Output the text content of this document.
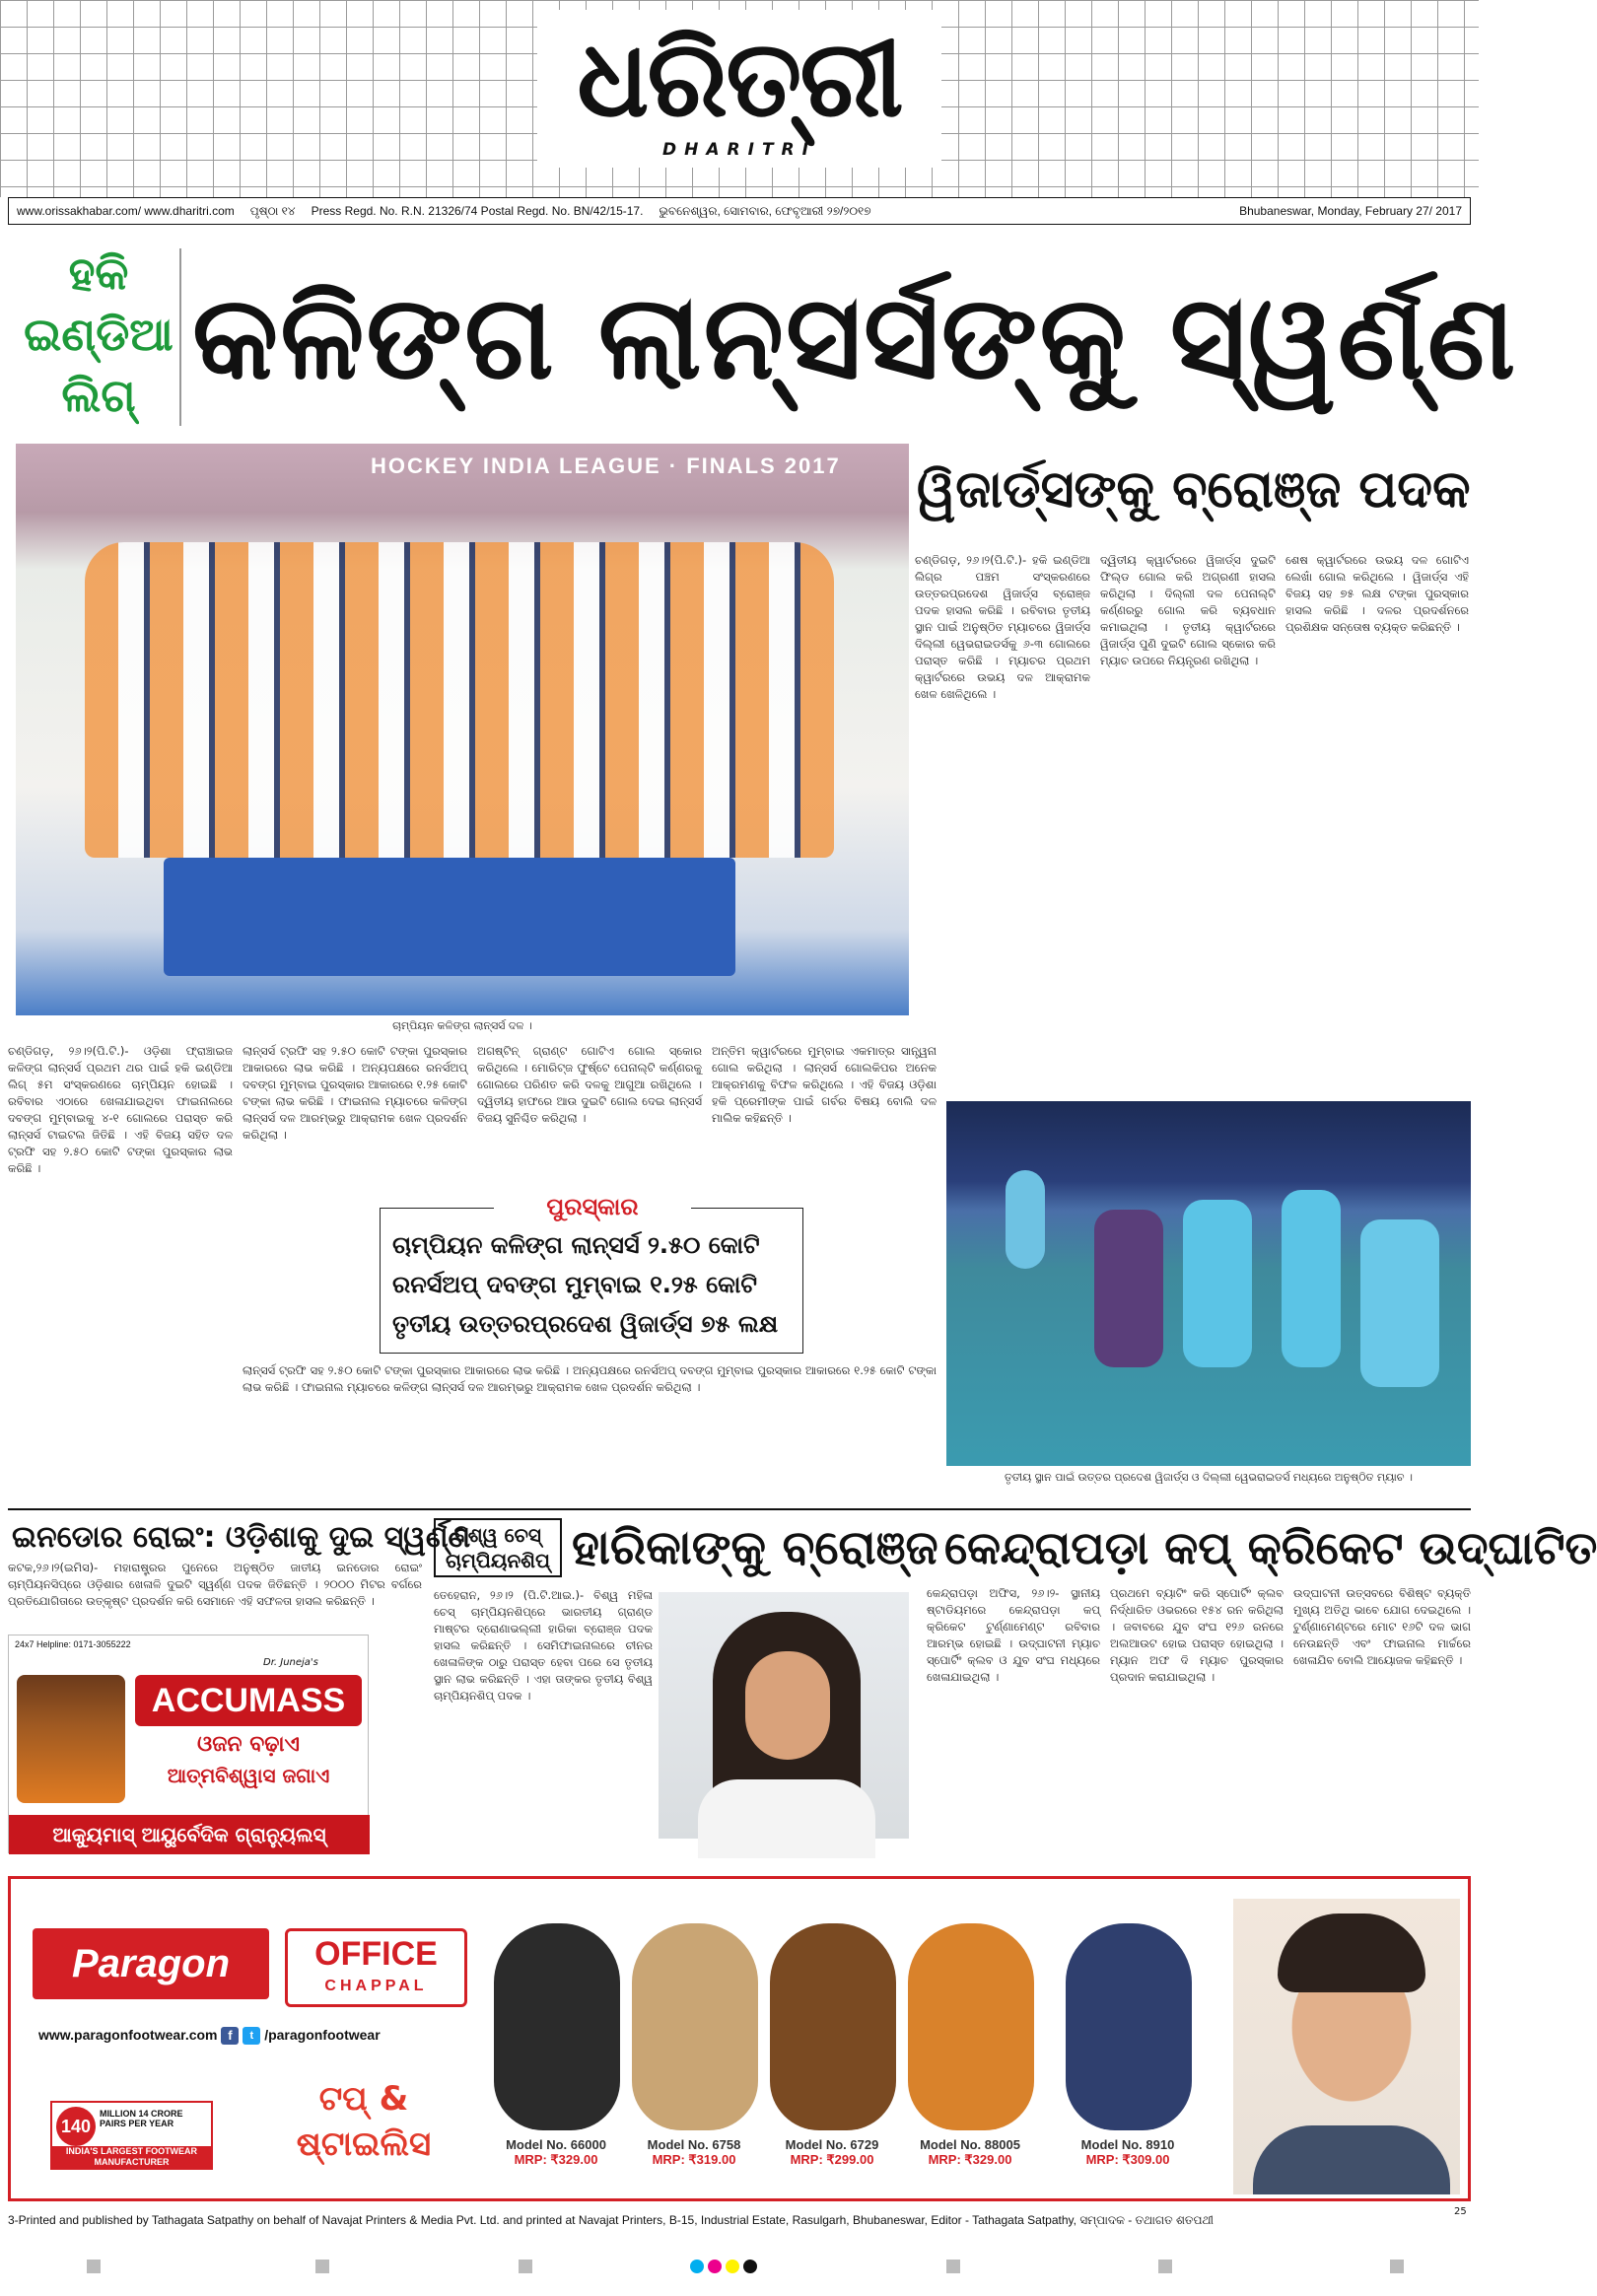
ଧରିତ୍ରୀ
DHARITRI
www.orissakhabar.com/ www.dharitri.com	ପୃଷ୍ଠା ୧୪	Press Regd. No. R.N. 21326/74 Postal Regd. No. BN/42/15-17.	ଭୁବନେଶ୍ୱର, ସୋମବାର, ଫେବୃଆରୀ ୨୭/୨୦୧୭	Bhubaneswar, Monday, February 27/ 2017
ହକି
ଇଣ୍ଡିଆ
ଲିଗ୍ କଳିଙ୍ଗ ଲାନ୍ସର୍ସଙ୍କୁ ସ୍ୱର୍ଣ୍ଣ
HOCKEY INDIA LEAGUE · FINALS 2017
ଚାମ୍ପିୟନ କଳିଙ୍ଗ ଲାନ୍ସର୍ସ ଦଳ ।
ୱିଜାର୍ଡ୍ସଙ୍କୁ ବ୍ରୋଞ୍ଜ ପଦକ

ଚଣ୍ଡିଗଡ଼, ୨୬।୨(ପି.ଟି.)- ହକି ଇଣ୍ଡିଆ ଲିଗ୍ର ପଞ୍ଚମ ସଂସ୍କରଣରେ ଉତ୍ତରପ୍ରଦେଶ ୱିଜାର୍ଡ୍ସ ବ୍ରୋଞ୍ଜ ପଦକ ହାସଲ କରିଛି । ରବିବାର ତୃତୀୟ ସ୍ଥାନ ପାଇଁ ଅନୁଷ୍ଠିତ ମ୍ୟାଚରେ ୱିଜାର୍ଡ୍ସ ଦିଲ୍ଲୀ ୱେଭରାଇଡର୍ସକୁ ୬-୩ ଗୋଲରେ ପରାସ୍ତ କରିଛି । ମ୍ୟାଚର ପ୍ରଥମ କ୍ୱାର୍ଟରରେ ଉଭୟ ଦଳ ଆକ୍ରାମକ ଖେଳ ଖେଳିଥିଲେ ।

ଦ୍ୱିତୀୟ କ୍ୱାର୍ଟରରେ ୱିଜାର୍ଡ୍ସ ଦୁଇଟି ଫିଲ୍ଡ ଗୋଲ କରି ଅଗ୍ରଣୀ ହାସଲ କରିଥିଲା । ଦିଲ୍ଲୀ ଦଳ ପେନାଲ୍ଟି କର୍ଣ୍ଣରରୁ ଗୋଲ କରି ବ୍ୟବଧାନ କମାଇଥିଲା । ତୃତୀୟ କ୍ୱାର୍ଟରରେ ୱିଜାର୍ଡ୍ସ ପୁଣି ଦୁଇଟି ଗୋଲ ସ୍କୋର କରି ମ୍ୟାଚ ଉପରେ ନିୟନ୍ତ୍ରଣ ରଖିଥିଲା ।

ଶେଷ କ୍ୱାର୍ଟରରେ ଉଭୟ ଦଳ ଗୋଟିଏ ଲେଖାଁ ଗୋଲ କରିଥିଲେ । ୱିଜାର୍ଡ୍ସ ଏହି ବିଜୟ ସହ ୭୫ ଲକ୍ଷ ଟଙ୍କା ପୁରସ୍କାର ହାସଲ କରିଛି । ଦଳର ପ୍ରଦର୍ଶନରେ ପ୍ରଶିକ୍ଷକ ସନ୍ତୋଷ ବ୍ୟକ୍ତ କରିଛନ୍ତି ।

ଚଣ୍ଡିଗଡ଼, ୨୬।୨(ପି.ଟି.)- ଓଡ଼ିଶା ଫ୍ରାଞ୍ଚାଇଜ କଳିଙ୍ଗ ଲାନ୍ସର୍ସ ପ୍ରଥମ ଥର ପାଇଁ ହକି ଇଣ୍ଡିଆ ଲିଗ୍ ୫ମ ସଂସ୍କରଣରେ ଚାମ୍ପିୟନ ହୋଇଛି । ରବିବାର ଏଠାରେ ଖେଳାଯାଇଥିବା ଫାଇନାଲରେ ଦବଙ୍ଗ ମୁମ୍ବାଇକୁ ୪-୧ ଗୋଲରେ ପରାସ୍ତ କରି ଲାନ୍ସର୍ସ ଟାଇଟଲ ଜିତିଛି । ଏହି ବିଜୟ ସହିତ ଦଳ ଟ୍ରଫି ସହ ୨.୫୦ କୋଟି ଟଙ୍କା ପୁରସ୍କାର ଲାଭ କରିଛି ।

ଲାନ୍ସର୍ସ ଟ୍ରଫି ସହ ୨.୫୦ କୋଟି ଟଙ୍କା ପୁରସ୍କାର ଆକାରରେ ଲାଭ କରିଛି । ଅନ୍ୟପକ୍ଷରେ ରନର୍ସଅପ୍ ଦବଙ୍ଗ ମୁମ୍ବାଇ ପୁରସ୍କାର ଆକାରରେ ୧.୨୫ କୋଟି ଟଙ୍କା ଲାଭ କରିଛି । ଫାଇନାଲ ମ୍ୟାଚରେ କଳିଙ୍ଗ ଲାନ୍ସର୍ସ ଦଳ ଆରମ୍ଭରୁ ଆକ୍ରାମକ ଖେଳ ପ୍ରଦର୍ଶନ କରିଥିଲା ।

ଅଗଷ୍ଟିନ୍ ଗ୍ରାଣ୍ଟ ଗୋଟିଏ ଗୋଲ ସ୍କୋର କରିଥିଲେ । ମୋରିଟ୍ଜ ଫୁର୍ଷ୍ଟେ ପେନାଲ୍ଟି କର୍ଣ୍ଣରକୁ ଗୋଲରେ ପରିଣତ କରି ଦଳକୁ ଆଗୁଆ ରଖିଥିଲେ । ଦ୍ୱିତୀୟ ହାଫରେ ଆଉ ଦୁଇଟି ଗୋଲ ଦେଇ ଲାନ୍ସର୍ସ ବିଜୟ ସୁନିଶ୍ଚିତ କରିଥିଲା ।

ଅନ୍ତିମ କ୍ୱାର୍ଟରରେ ମୁମ୍ବାଇ ଏକମାତ୍ର ସାନ୍ତ୍ୱନା ଗୋଲ କରିଥିଲା । ଲାନ୍ସର୍ସ ଗୋଲକିପର ଅନେକ ଆକ୍ରମଣକୁ ବିଫଳ କରିଥିଲେ । ଏହି ବିଜୟ ଓଡ଼ିଶା ହକି ପ୍ରେମୀଙ୍କ ପାଇଁ ଗର୍ବର ବିଷୟ ବୋଲି ଦଳ ମାଲିକ କହିଛନ୍ତି ।

ଲାନ୍ସର୍ସ ଟ୍ରଫି ସହ ୨.୫୦ କୋଟି ଟଙ୍କା ପୁରସ୍କାର ଆକାରରେ ଲାଭ କରିଛି । ଅନ୍ୟପକ୍ଷରେ ରନର୍ସଅପ୍ ଦବଙ୍ଗ ମୁମ୍ବାଇ ପୁରସ୍କାର ଆକାରରେ ୧.୨୫ କୋଟି ଟଙ୍କା ଲାଭ କରିଛି । ଫାଇନାଲ ମ୍ୟାଚରେ କଳିଙ୍ଗ ଲାନ୍ସର୍ସ ଦଳ ଆରମ୍ଭରୁ ଆକ୍ରାମକ ଖେଳ ପ୍ରଦର୍ଶନ କରିଥିଲା ।

ପୁରସ୍କାର
ଚାମ୍ପିୟନ କଳିଙ୍ଗ ଲାନ୍ସର୍ସ ୨.୫୦ କୋଟି
ରନର୍ସଅପ୍ ଦବଙ୍ଗ ମୁମ୍ବାଇ ୧.୨୫ କୋଟି
ତୃତୀୟ ଉତ୍ତରପ୍ରଦେଶ ୱିଜାର୍ଡ୍ସ ୭୫ ଲକ୍ଷ
ତୃତୀୟ ସ୍ଥାନ ପାଇଁ ଉତ୍ତର ପ୍ରଦେଶ ୱିଜାର୍ଡ୍ସ ଓ ଦିଲ୍ଲୀ ୱେଭରାଇଡର୍ସ ମଧ୍ୟରେ ଅନୁଷ୍ଠିତ ମ୍ୟାଚ ।
ଇନଡୋର ରୋଇଂ: ଓଡ଼ିଶାକୁ ଦୁଇ ସ୍ୱର୍ଣ୍ଣ

କଟକ,୨୬।୨(ଇମିସ)- ମହାରାଷ୍ଟ୍ରର ପୁନେରେ ଅନୁଷ୍ଠିତ ଜାତୀୟ ଇନଡୋର ରୋଇଂ ଚାମ୍ପିୟନସିପ୍ରେ ଓଡ଼ିଶାର ଖେଳାଳି ଦୁଇଟି ସ୍ୱର୍ଣ୍ଣ ପଦକ ଜିତିଛନ୍ତି । ୨୦୦୦ ମିଟର ବର୍ଗରେ ପ୍ରତିଯୋଗିତାରେ ଉତ୍କୃଷ୍ଟ ପ୍ରଦର୍ଶନ କରି ସେମାନେ ଏହି ସଫଳତା ହାସଲ କରିଛନ୍ତି ।

ବିଶ୍ୱ ଚେସ୍ ଚାମ୍ପିୟନଶିପ୍ ହାରିକାଙ୍କୁ ବ୍ରୋଞ୍ଜ

ତେହେରାନ, ୨୬।୨ (ପି.ଟି.ଆଇ.)- ବିଶ୍ୱ ମହିଳା ଚେସ୍ ଚାମ୍ପିୟନଶିପ୍ରେ ଭାରତୀୟ ଗ୍ରାଣ୍ଡ ମାଷ୍ଟର ଦ୍ରୋଣାଭଲ୍ଲୀ ହାରିକା ବ୍ରୋଞ୍ଜ ପଦକ ହାସଲ କରିଛନ୍ତି । ସେମିଫାଇନାଲରେ ଚୀନର ଖେଳାଳିଙ୍କ ଠାରୁ ପରାସ୍ତ ହେବା ପରେ ସେ ତୃତୀୟ ସ୍ଥାନ ଲାଭ କରିଛନ୍ତି । ଏହା ତାଙ୍କର ତୃତୀୟ ବିଶ୍ୱ ଚାମ୍ପିୟନଶିପ୍ ପଦକ ।

କେନ୍ଦ୍ରାପଡ଼ା କପ୍ କ୍ରିକେଟ ଉଦ୍‌ଘାଟିତ

କେନ୍ଦ୍ରାପଡ଼ା ଅଫିସ, ୨୬।୨- ସ୍ଥାନୀୟ ଷ୍ଟାଡିୟମରେ କେନ୍ଦ୍ରାପଡ଼ା କପ୍ କ୍ରିକେଟ ଟୁର୍ଣ୍ଣାମେଣ୍ଟ ରବିବାର ଆରମ୍ଭ ହୋଇଛି । ଉଦ୍‌ଘାଟନୀ ମ୍ୟାଚ ସ୍ପୋର୍ଟିଂ କ୍ଲବ ଓ ଯୁବ ସଂଘ ମଧ୍ୟରେ ଖେଳାଯାଇଥିଲା ।

ପ୍ରଥମେ ବ୍ୟାଟିଂ କରି ସ୍ପୋର୍ଟିଂ କ୍ଲବ ନିର୍ଦ୍ଧାରିତ ଓଭରରେ ୧୫୪ ରନ କରିଥିଲା । ଜବାବରେ ଯୁବ ସଂଘ ୧୨୬ ରନରେ ଅଲଆଉଟ ହୋଇ ପରାସ୍ତ ହୋଇଥିଲା । ମ୍ୟାନ ଅଫ ଦି ମ୍ୟାଚ ପୁରସ୍କାର ପ୍ରଦାନ କରାଯାଇଥିଲା ।

ଉଦ୍‌ଘାଟନୀ ଉତ୍ସବରେ ବିଶିଷ୍ଟ ବ୍ୟକ୍ତି ମୁଖ୍ୟ ଅତିଥି ଭାବେ ଯୋଗ ଦେଇଥିଲେ । ଟୁର୍ଣ୍ଣାମେଣ୍ଟରେ ମୋଟ ୧୬ଟି ଦଳ ଭାଗ ନେଉଛନ୍ତି ଏବଂ ଫାଇନାଲ ମାର୍ଚ୍ଚରେ ଖେଳାଯିବ ବୋଲି ଆୟୋଜକ କହିଛନ୍ତି ।

24x7 Helpline: 0171-3055222
Dr. Juneja's
ACCUMASS
ଓଜନ ବଢ଼ାଏ
ଆତ୍ମବିଶ୍ୱାସ ଜଗାଏ
ଆକ୍ୟୁମାସ୍ ଆୟୁର୍ବେଦିକ ଗ୍ରାନ୍ୟୁଲସ୍
Paragon	OFFICE
CHAPPAL
www.paragonfootwear.com f t /paragonfootwear
140
MILLION 14 CRORE PAIRS PER YEAR
INDIA'S LARGEST FOOTWEAR MANUFACTURER
ଟପ୍ &
ଷ୍ଟାଇଲିସ	Model No. 66000
MRP: ₹329.00
Model No. 6758
MRP: ₹319.00
Model No. 6729
MRP: ₹299.00
Model No. 88005
MRP: ₹329.00
Model No. 8910
MRP: ₹309.00
25
3-Printed and published by Tathagata Satpathy on behalf of Navajat Printers & Media Pvt. Ltd. and printed at Navajat Printers, B-15, Industrial Estate, Rasulgarh, Bhubaneswar, Editor - Tathagata Satpathy, ସମ୍ପାଦକ - ତଥାଗତ ଶତପଥୀ
